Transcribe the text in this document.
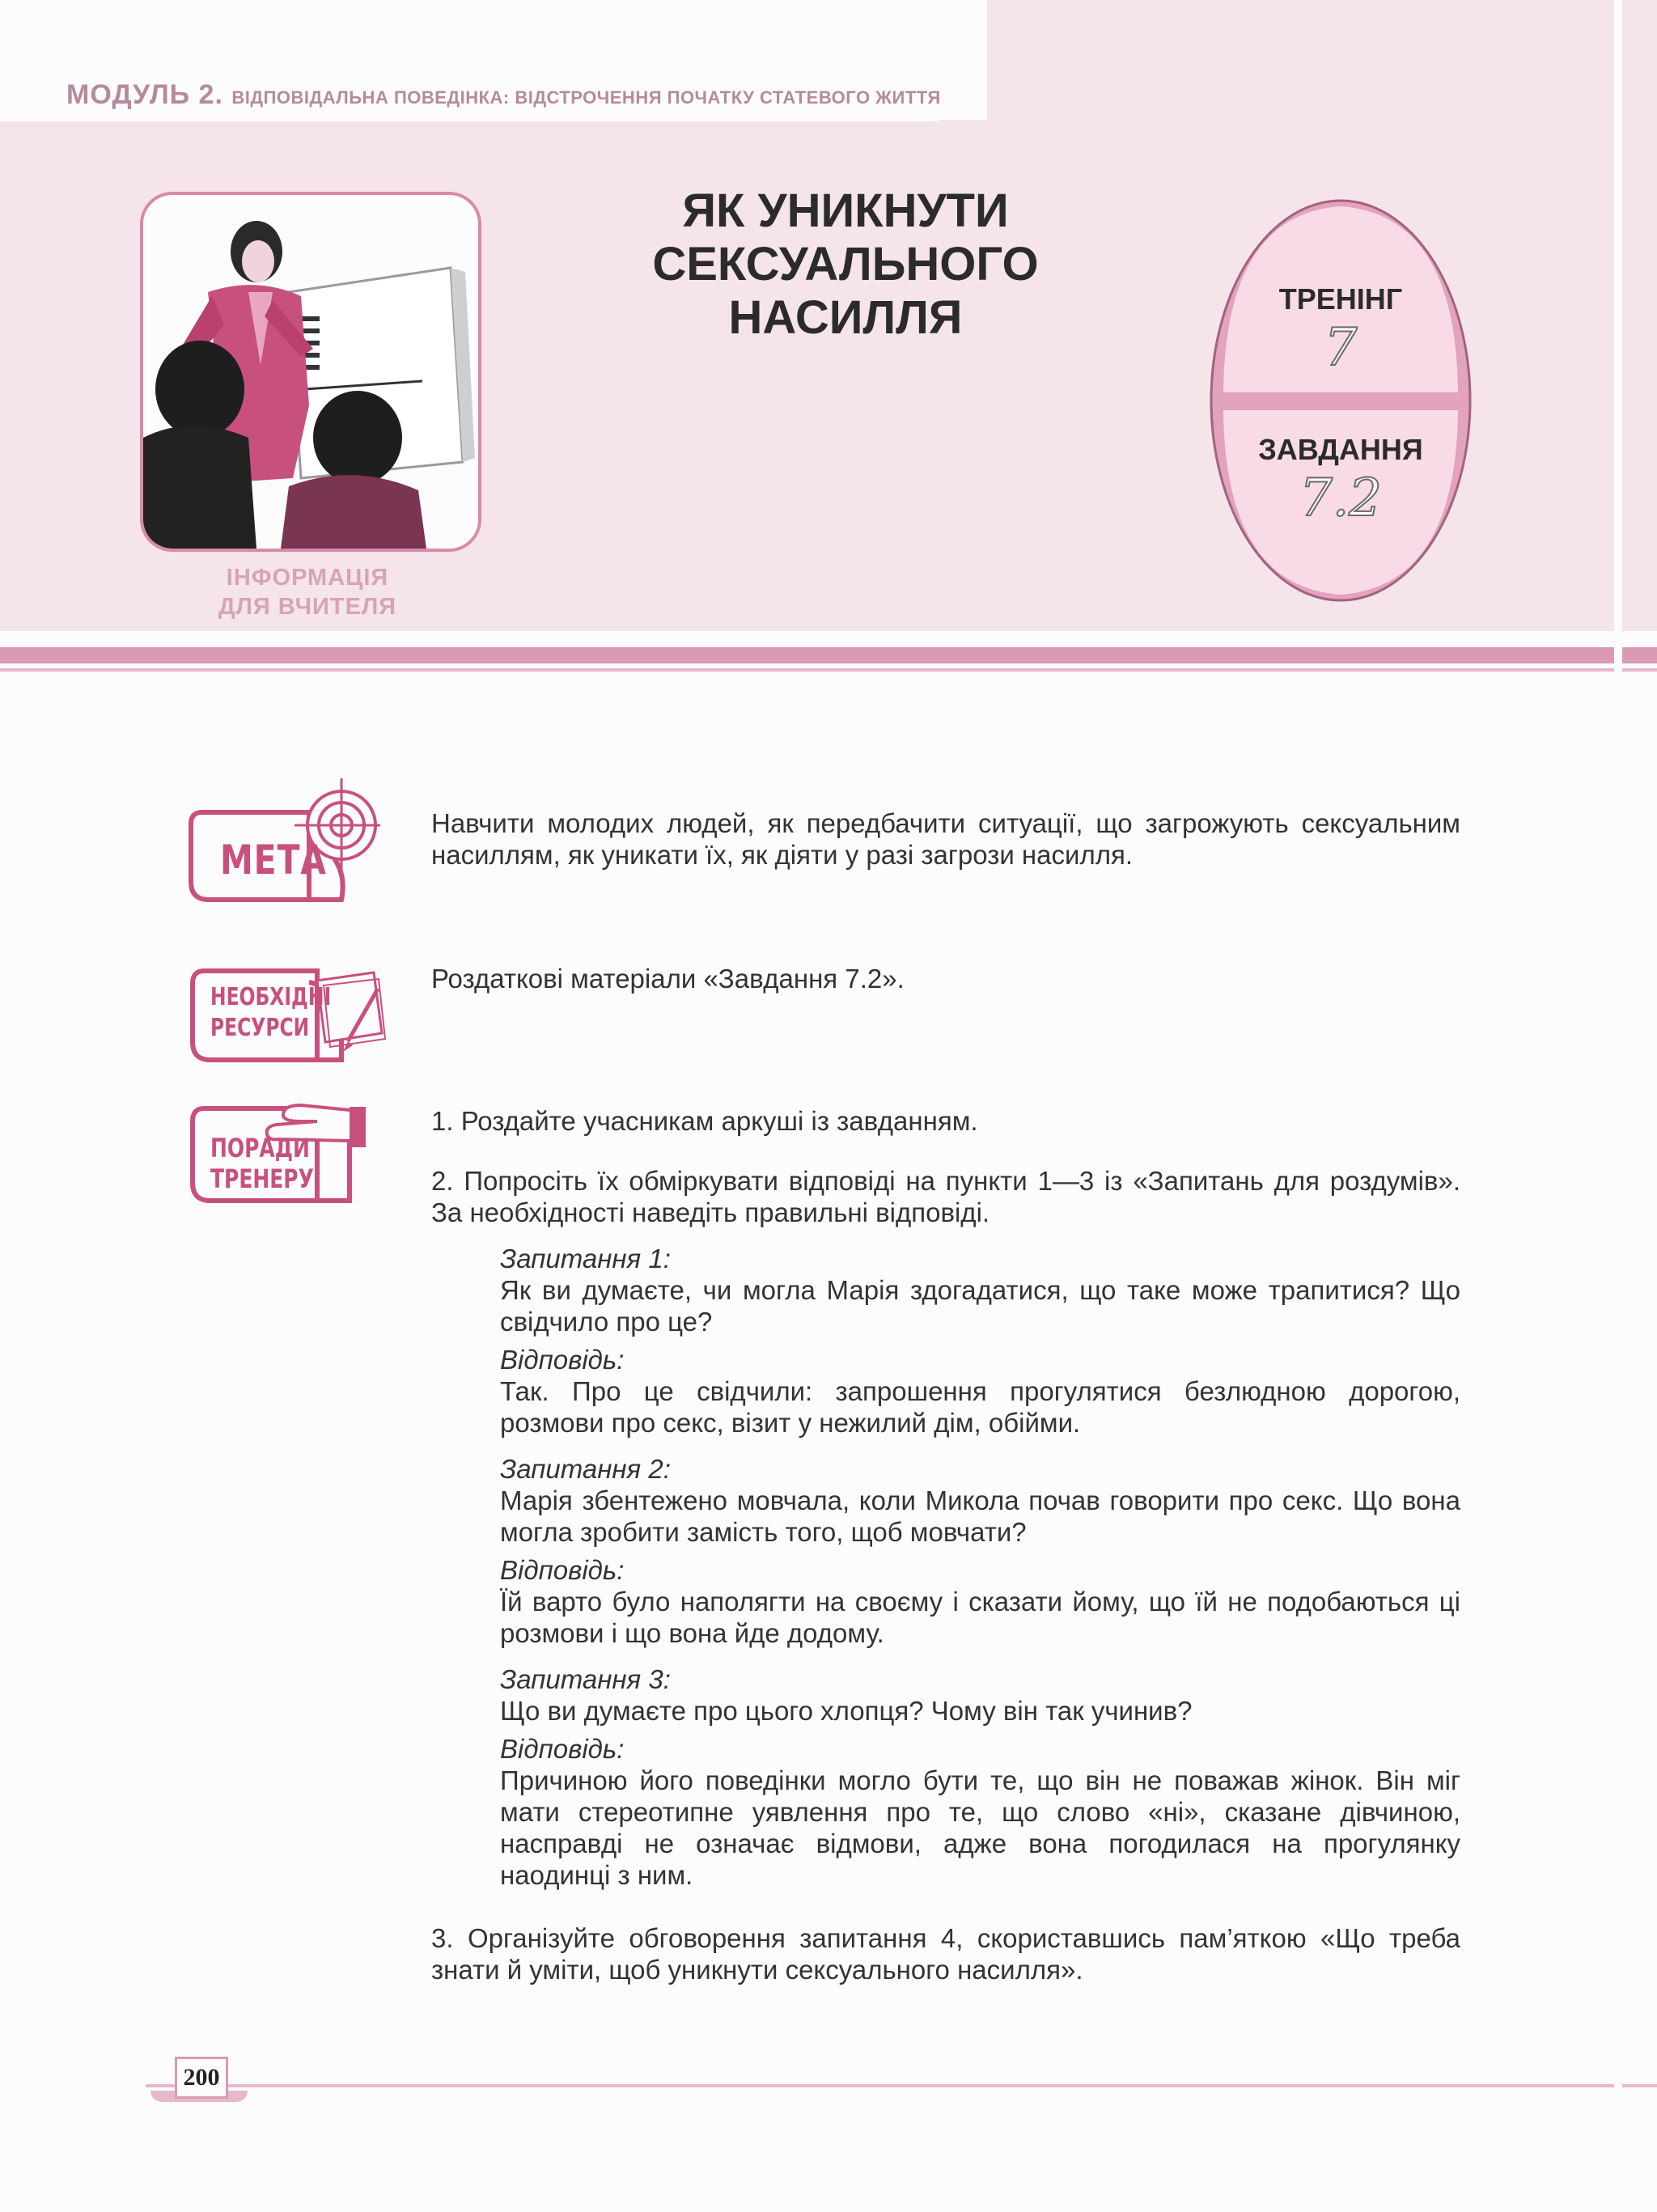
МОДУЛЬ 2. ВІДПОВІДАЛЬНА ПОВЕДІНКА: ВІДСТРОЧЕННЯ ПОЧАТКУ СТАТЕВОГО ЖИТТЯ
ІНФОРМАЦІЯ
ДЛЯ ВЧИТЕЛЯ
ЯК УНИКНУТИ
СЕКСУАЛЬНОГО
НАСИЛЛЯ	ТРЕНІНГ
7
ЗАВДАННЯ
7.2
МЕТА
НЕОБХІДНІ
РЕСУРСИ
ПОРАДИ
ТРЕНЕРУ
Навчити молодих людей, як передбачити ситуації, що загрожують сексуальним насиллям, як уникати їх, як діяти у разі загрози насилля.
Роздаткові матеріали «Завдання 7.2».
1. Роздайте учасникам аркуші із завданням.
2. Попросіть їх обміркувати відповіді на пункти 1—3 із «Запитань для роздумів». За необхідності наведіть правильні відповіді.
Запитання 1:
Як ви думаєте, чи могла Марія здогадатися, що таке може трапитися? Що свідчило про це?
Відповідь:
Так. Про це свідчили: запрошення прогулятися безлюдною дорогою, розмови про секс, візит у нежилий дім, обійми.
Запитання 2:
Марія збентежено мовчала, коли Микола почав говорити про секс. Що вона могла зробити замість того, щоб мовчати?
Відповідь:
Їй варто було наполягти на своєму і сказати йому, що їй не подобаються ці розмови і що вона йде додому.
Запитання 3:
Що ви думаєте про цього хлопця? Чому він так учинив?
Відповідь:
Причиною його поведінки могло бути те, що він не поважав жінок. Він міг мати стереотипне уявлення про те, що слово «ні», сказане дівчиною, насправді не означає відмови, адже вона погодилася на прогулянку наодинці з ним.
3. Організуйте обговорення запитання 4, скориставшись пам’яткою «Що треба знати й уміти, щоб уникнути сексуального насилля».
200
